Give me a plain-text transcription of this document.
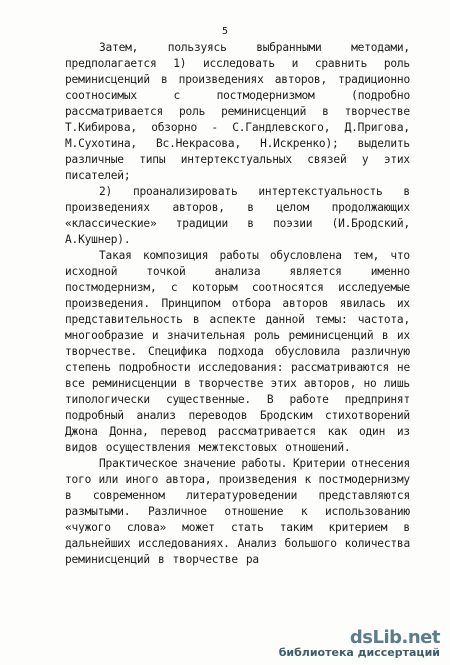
5
Затем,	пользуясь	выбранными	методами,
предполагается 1) исследовать и сравнить роль
реминисценций в произведениях авторов, традиционно
соотносимых	с	постмодернизмом	(подробно
рассматривается роль реминисценций в творчестве
Т.Кибирова, обзорно - С.Гандлевского, Д.Пригова,
М.Сухотина, Вс.Некрасова, Н.Искренко); выделить
различные типы интертекстуальных связей у этих
писателей;
2) проанализировать интертекстуальность в
произведениях авторов, в целом продолжающих
«классические» традиции в поэзии (И.Бродский,
А.Кушнер).
Такая композиция работы обусловлена тем, что
исходной	точкой	анализа	является	именно
постмодернизм, с которым соотносятся исследуемые
произведения. Принципом отбора авторов явилась их
представительность в аспекте данной темы: частота,
многообразие и значительная роль реминисценций в их
творчестве. Специфика подхода обусловила различную
степень подробности исследования: рассматриваются не
все реминисценции в творчестве этих авторов, но лишь
типологически существенные. В работе предпринят
подробный анализ переводов Бродским стихотворений
Джона Донна, перевод рассматривается как один из
видов осуществления межтекстовых отношений.
Практическое значение работы. Критерии отнесения
того или иного автора, произведения к постмодернизму
в современном литературоведении представляются
размытыми. Различное отношение к использованию
«чужого слова» может стать таким критерием в
дальнейших исследованиях. Анализ большого количества
реминисценций в творчестве ра
dsLib.net
библиотека диссертаций
